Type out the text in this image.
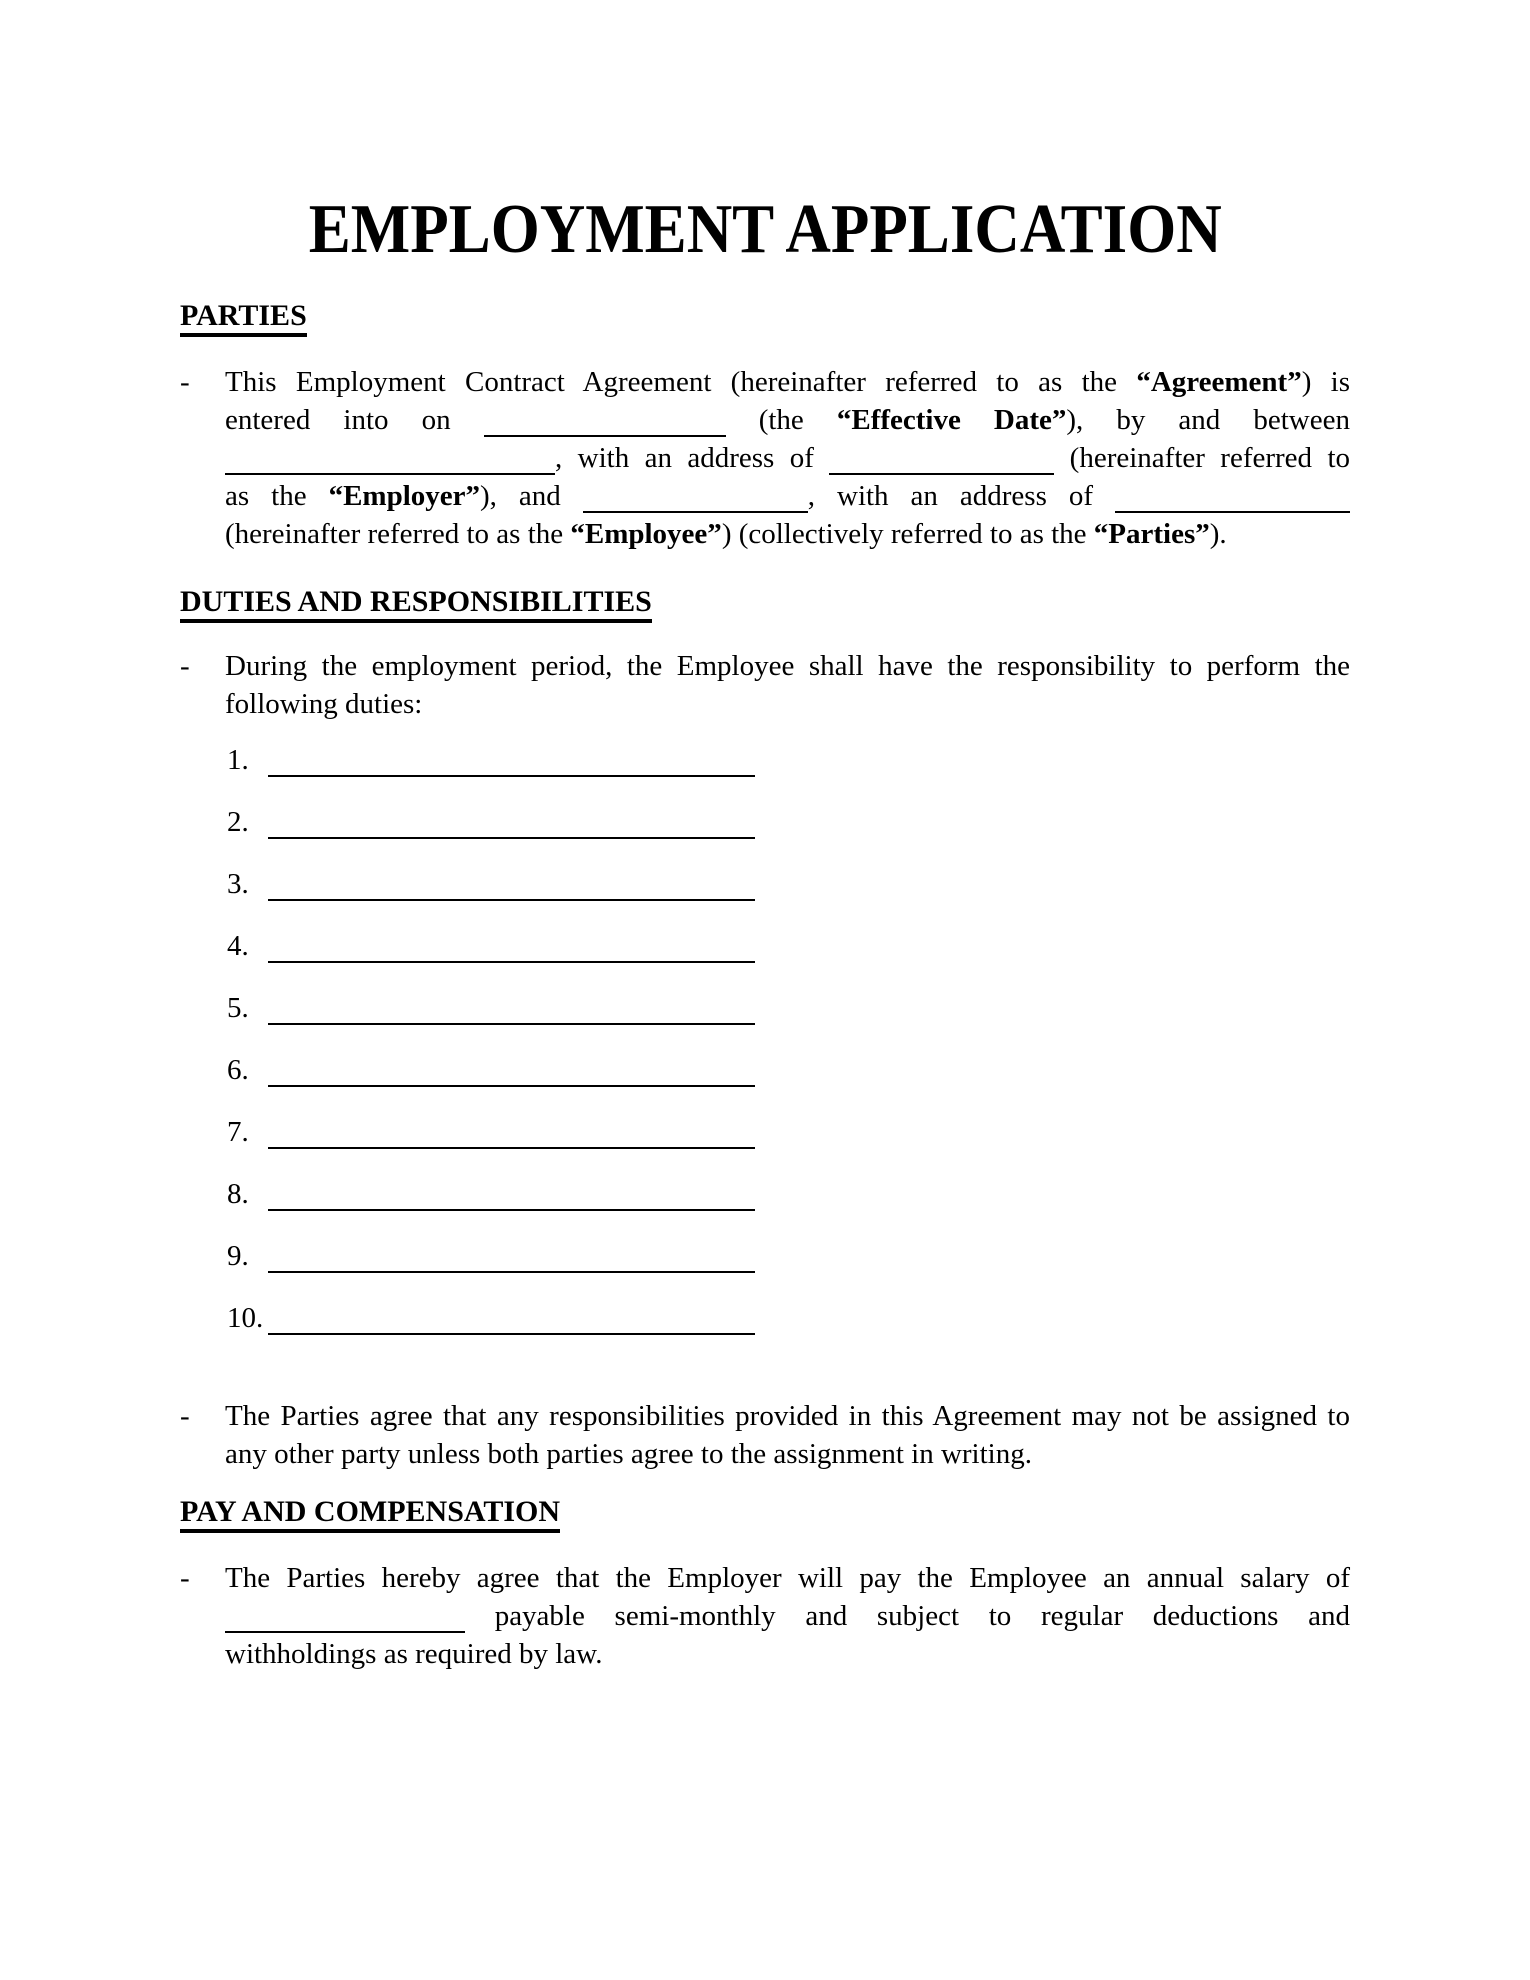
EMPLOYMENT APPLICATION
PARTIES
-	This Employment Contract Agreement (hereinafter referred to as the “Agreement”) is
entered into on	(the “Effective Date”), by and between
, with an address of	(hereinafter referred to
as the “Employer”), and	, with an address of
(hereinafter referred to as the “Employee”) (collectively referred to as the “Parties”).
DUTIES AND RESPONSIBILITIES
-	During the employment period, the Employee shall have the responsibility to perform the
following duties:
1.
2.
3.
4.
5.
6.
7.
8.
9.
10.
-	The Parties agree that any responsibilities provided in this Agreement may not be assigned to
any other party unless both parties agree to the assignment in writing.
PAY AND COMPENSATION
-	The Parties hereby agree that the Employer will pay the Employee an annual salary of
payable semi-monthly and subject to regular deductions and
withholdings as required by law.
